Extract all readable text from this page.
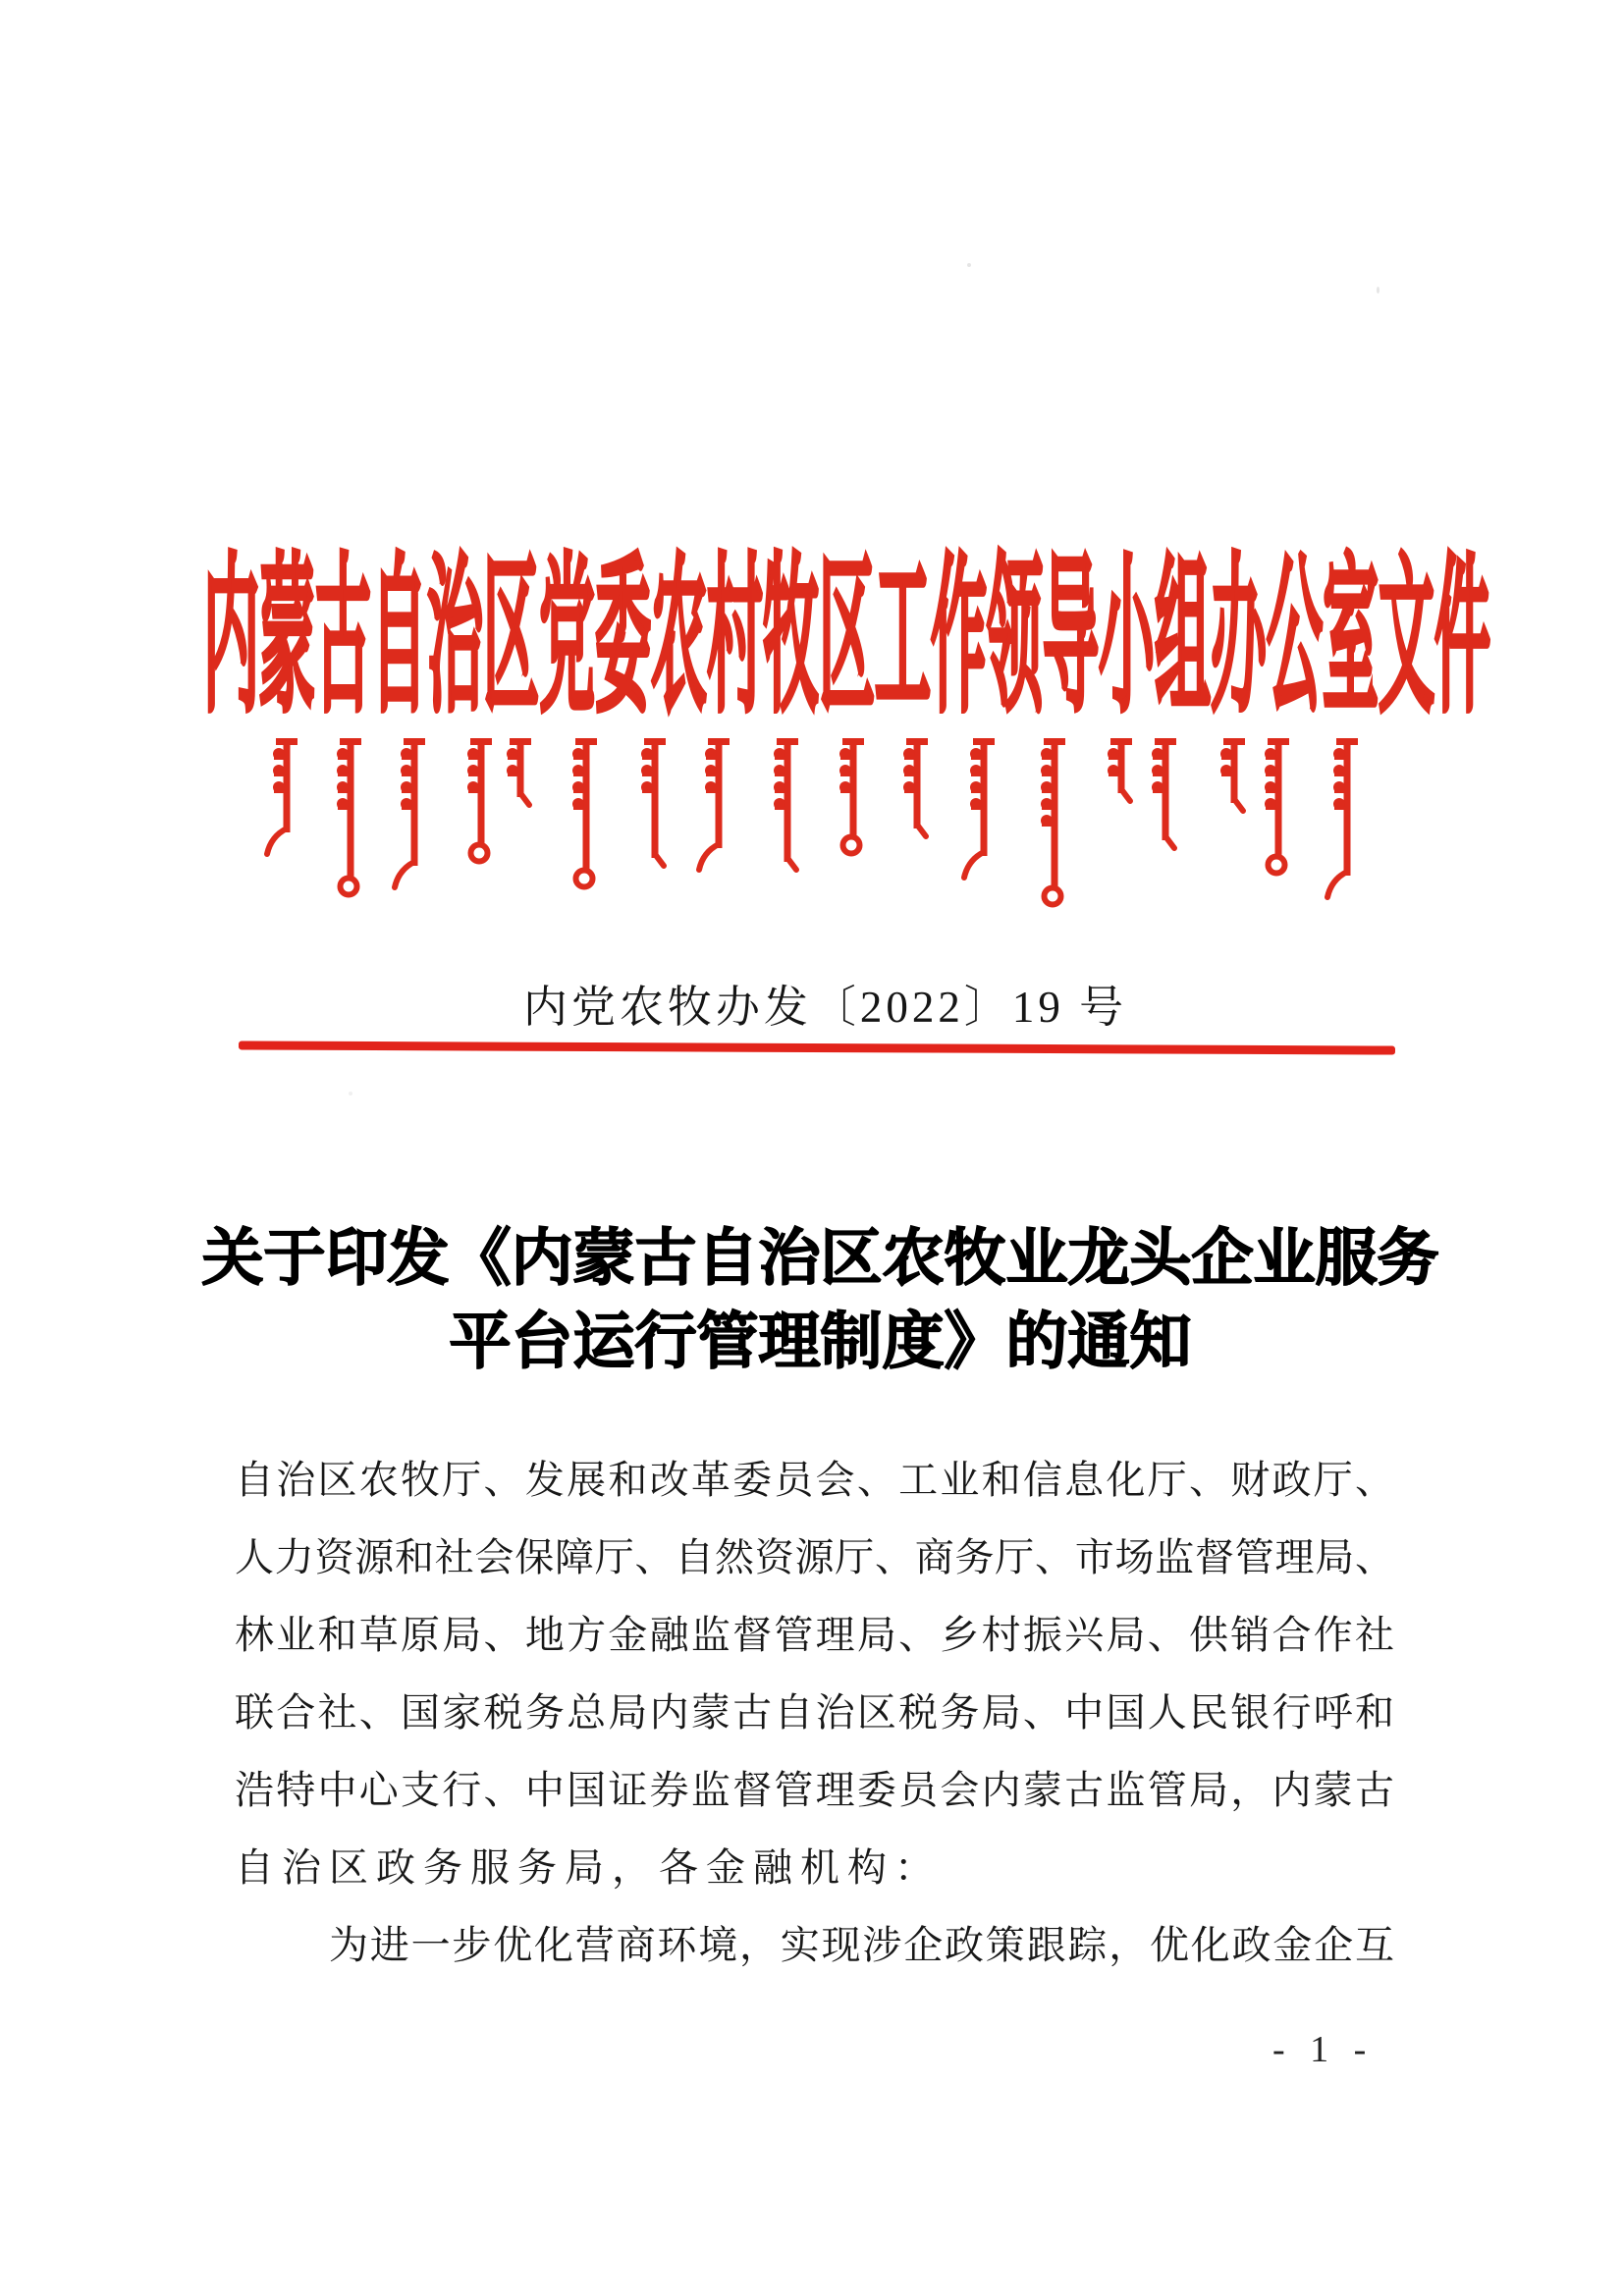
内蒙古自治区党委农村牧区工作领导小组办公室文件
内党农牧办发〔2022〕19 号
关于印发《内蒙古自治区农牧业龙头企业服务
平台运行管理制度》的通知
自治区农牧厅、发展和改革委员会、工业和信息化厅、财政厅、
人力资源和社会保障厅、自然资源厅、商务厅、市场监督管理局、
林业和草原局、地方金融监督管理局、乡村振兴局、供销合作社
联合社、国家税务总局内蒙古自治区税务局、中国人民银行呼和
浩特中心支行、中国证券监督管理委员会内蒙古监管局，内蒙古
自治区政务服务局，各金融机构：
为进一步优化营商环境，实现涉企政策跟踪，优化政金企互
- 1 -
